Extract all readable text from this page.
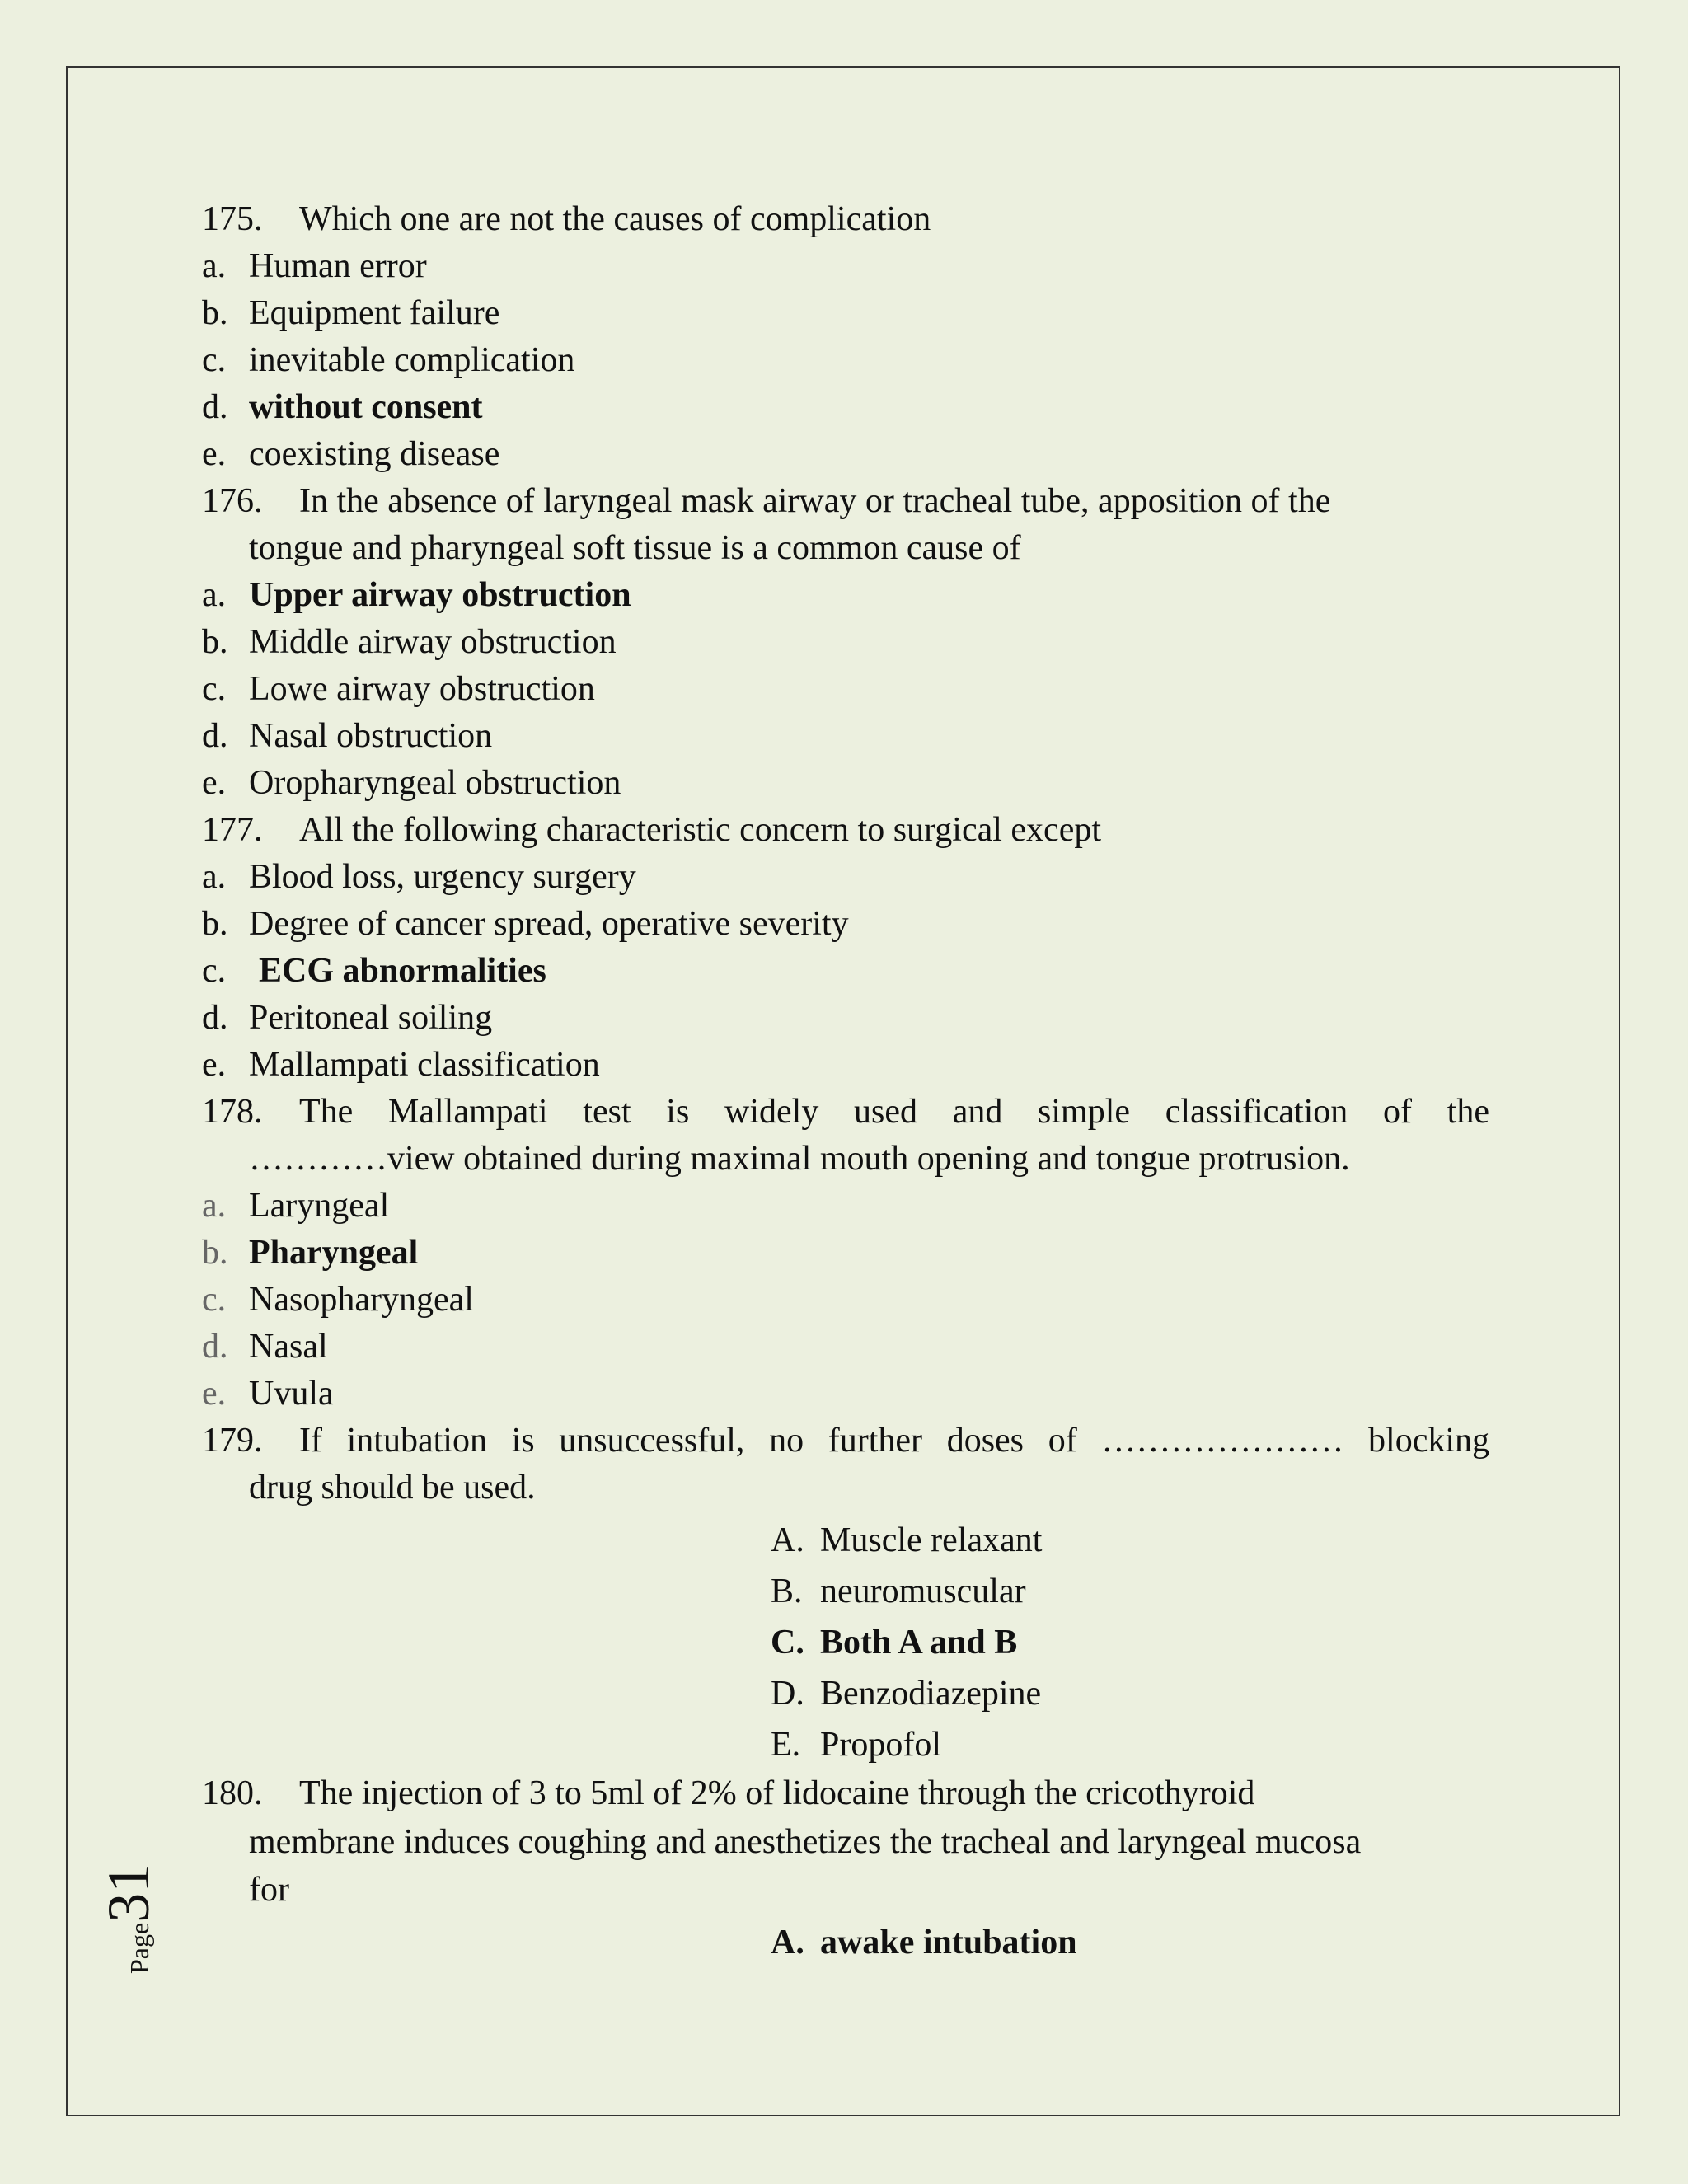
175.	Which one are not the causes of complication
a. Human error
b. Equipment failure
c. inevitable complication
d. without consent
e. coexisting disease
176.	In the absence of laryngeal mask airway or tracheal tube, apposition of the
tongue and pharyngeal soft tissue is a common cause of
a. Upper airway obstruction
b. Middle airway obstruction
c. Lowe airway obstruction
d. Nasal obstruction
e. Oropharyngeal obstruction
177.	All the following characteristic concern to surgical except
a. Blood loss, urgency surgery
b. Degree of cancer spread, operative severity
c. ECG abnormalities
d. Peritoneal soiling
e. Mallampati classification
178.	The Mallampati test is widely used and simple classification of the
…………view obtained during maximal mouth opening and tongue protrusion.
a. Laryngeal
b. Pharyngeal
c. Nasopharyngeal
d. Nasal
e. Uvula
179.	If intubation is unsuccessful, no further doses of ………………… blocking
drug should be used.
A. Muscle relaxant
B. neuromuscular
C. Both A and B
D. Benzodiazepine
E. Propofol
180.	The injection of 3 to 5ml of 2% of lidocaine through the cricothyroid
membrane induces coughing and anesthetizes the tracheal and laryngeal mucosa
for
A. awake intubation
Page31
